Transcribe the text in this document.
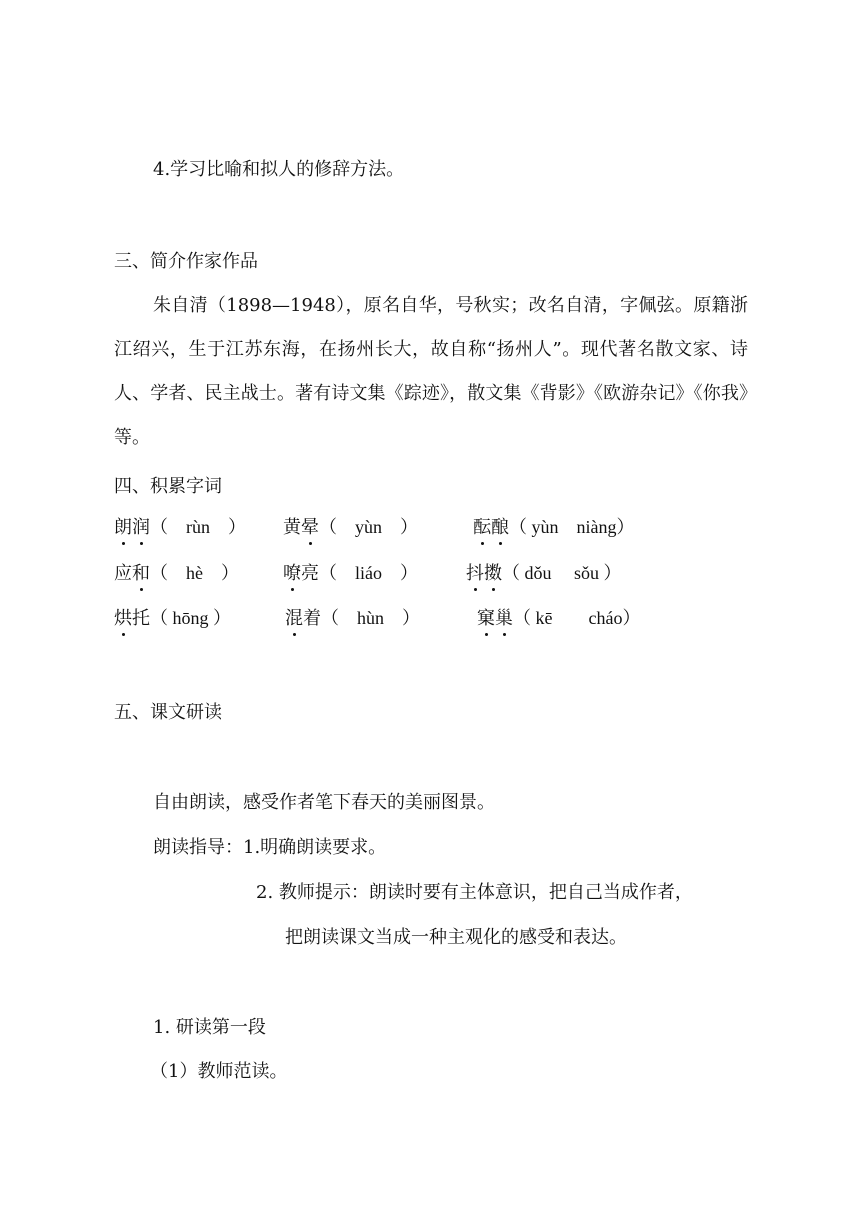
4.学习比喻和拟人的修辞方法。
三、简介作家作品
朱自清（1898—1948），原名自华，号秋实；改名自清，字佩弦。原籍浙江绍兴，生于江苏东海，在扬州长大，故自称“扬州人”。现代著名散文家、诗人、学者、民主战士。著有诗文集《踪迹》，散文集《背影》《欧游杂记》《你我》等。
四、积累字词
朗润（　rùn　） 黄晕（　yùn　）	酝酿（ yùn　niàng）
应和（　hè　） 嘹亮（　liáo　）	抖擞（ dǒu　 sǒu ）
烘托（ hōng ）	混着（　hùn　）	窠巢（ kē　　cháo）
五、课文研读
自由朗读，感受作者笔下春天的美丽图景。
朗读指导：1.明确朗读要求。
2. 教师提示：朗读时要有主体意识，把自己当成作者，
把朗读课文当成一种主观化的感受和表达。
1. 研读第一段
（1）教师范读。
